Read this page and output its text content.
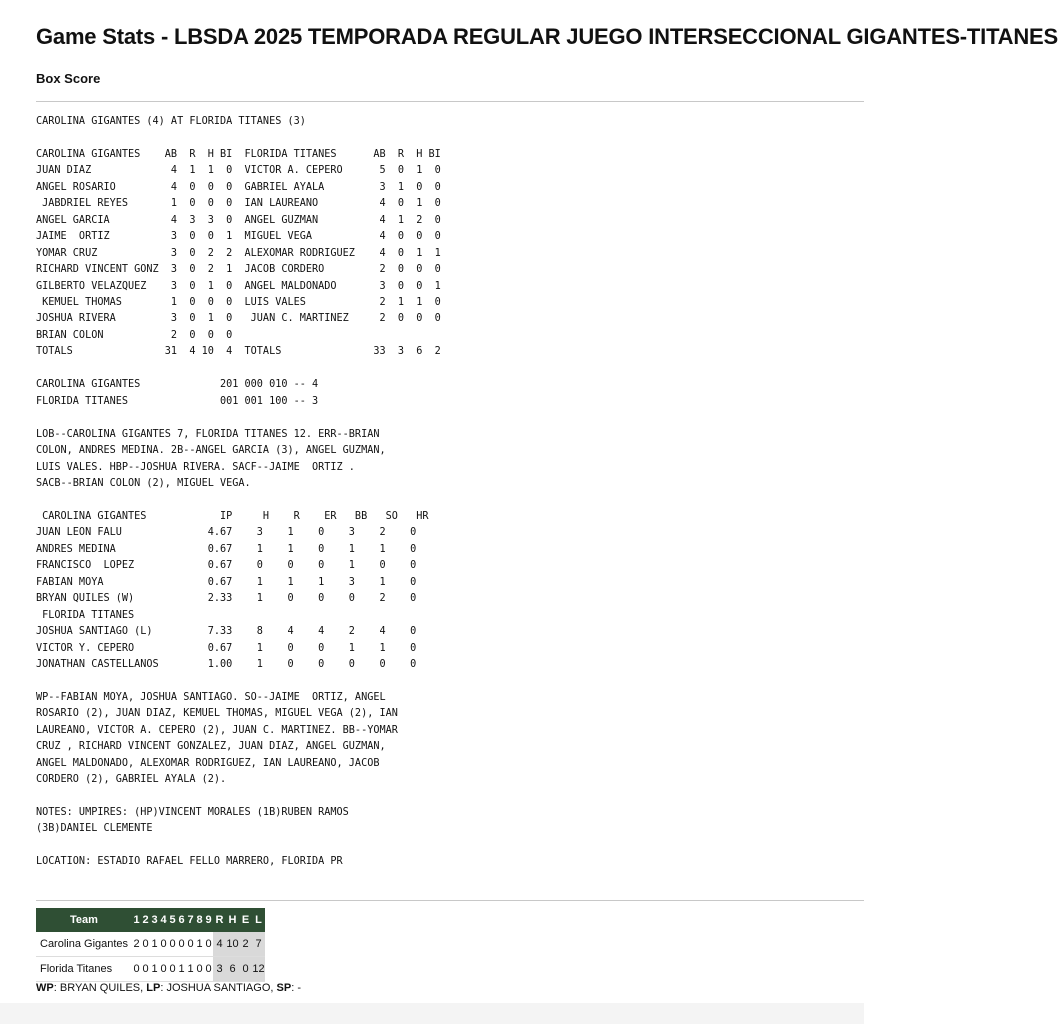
Game Stats - LBSDA 2025 TEMPORADA REGULAR JUEGO INTERSECCIONAL GIGANTES-TITANES
Box Score
CAROLINA GIGANTES (4) AT FLORIDA TITANES (3)

CAROLINA GIGANTES    AB  R  H BI  FLORIDA TITANES      AB  R  H BI
JUAN DIAZ             4  1  1  0  VICTOR A. CEPERO      5  0  1  0
ANGEL ROSARIO         4  0  0  0  GABRIEL AYALA         3  1  0  0
JABDRIEL REYES       1  0  0  0  IAN LAUREANO          4  0  1  0
ANGEL GARCIA          4  3  3  0  ANGEL GUZMAN          4  1  2  0
JAIME  ORTIZ          3  0  0  1  MIGUEL VEGA           4  0  0  0
YOMAR CRUZ            3  0  2  2  ALEXOMAR RODRIGUEZ    4  0  1  1
RICHARD VINCENT GONZ  3  0  2  1  JACOB CORDERO         2  0  0  0
GILBERTO VELAZQUEZ    3  0  1  0  ANGEL MALDONADO       3  0  0  1
KEMUEL THOMAS        1  0  0  0  LUIS VALES            2  1  1  0
JOSHUA RIVERA         3  0  1  0   JUAN C. MARTINEZ     2  0  0  0
BRIAN COLON           2  0  0  0
TOTALS               31  4 10  4  TOTALS               33  3  6  2

CAROLINA GIGANTES             201 000 010 -- 4
FLORIDA TITANES               001 001 100 -- 3

LOB--CAROLINA GIGANTES 7, FLORIDA TITANES 12. ERR--BRIAN
COLON, ANDRES MEDINA. 2B--ANGEL GARCIA (3), ANGEL GUZMAN,
LUIS VALES. HBP--JOSHUA RIVERA. SACF--JAIME  ORTIZ .
SACB--BRIAN COLON (2), MIGUEL VEGA.

CAROLINA GIGANTES            IP     H    R    ER   BB   SO   HR
JUAN LEON FALU              4.67    3    1    0    3    2    0
ANDRES MEDINA               0.67    1    1    0    1    1    0
FRANCISCO  LOPEZ            0.67    0    0    0    1    0    0
FABIAN MOYA                 0.67    1    1    1    3    1    0
BRYAN QUILES (W)            2.33    1    0    0    0    2    0
FLORIDA TITANES
JOSHUA SANTIAGO (L)         7.33    8    4    4    2    4    0
VICTOR Y. CEPERO            0.67    1    0    0    1    1    0
JONATHAN CASTELLANOS        1.00    1    0    0    0    0    0

WP--FABIAN MOYA, JOSHUA SANTIAGO. SO--JAIME  ORTIZ, ANGEL
ROSARIO (2), JUAN DIAZ, KEMUEL THOMAS, MIGUEL VEGA (2), IAN
LAUREANO, VICTOR A. CEPERO (2), JUAN C. MARTINEZ. BB--YOMAR
CRUZ , RICHARD VINCENT GONZALEZ, JUAN DIAZ, ANGEL GUZMAN,
ANGEL MALDONADO, ALEXOMAR RODRIGUEZ, IAN LAUREANO, JACOB
CORDERO (2), GABRIEL AYALA (2).

NOTES: UMPIRES: (HP)VINCENT MORALES (1B)RUBEN RAMOS
(3B)DANIEL CLEMENTE

LOCATION: ESTADIO RAFAEL FELLO MARRERO, FLORIDA PR
Team	1	2	3	4	5	6	7	8	9	R	H	E	L
Carolina Gigantes	2	0	1	0	0	0	0	1	0	4	10	2	7
Florida Titanes	0	0	1	0	0	1	1	0	0	3	6	0	12
WP: BRYAN QUILES, LP: JOSHUA SANTIAGO, SP: -
